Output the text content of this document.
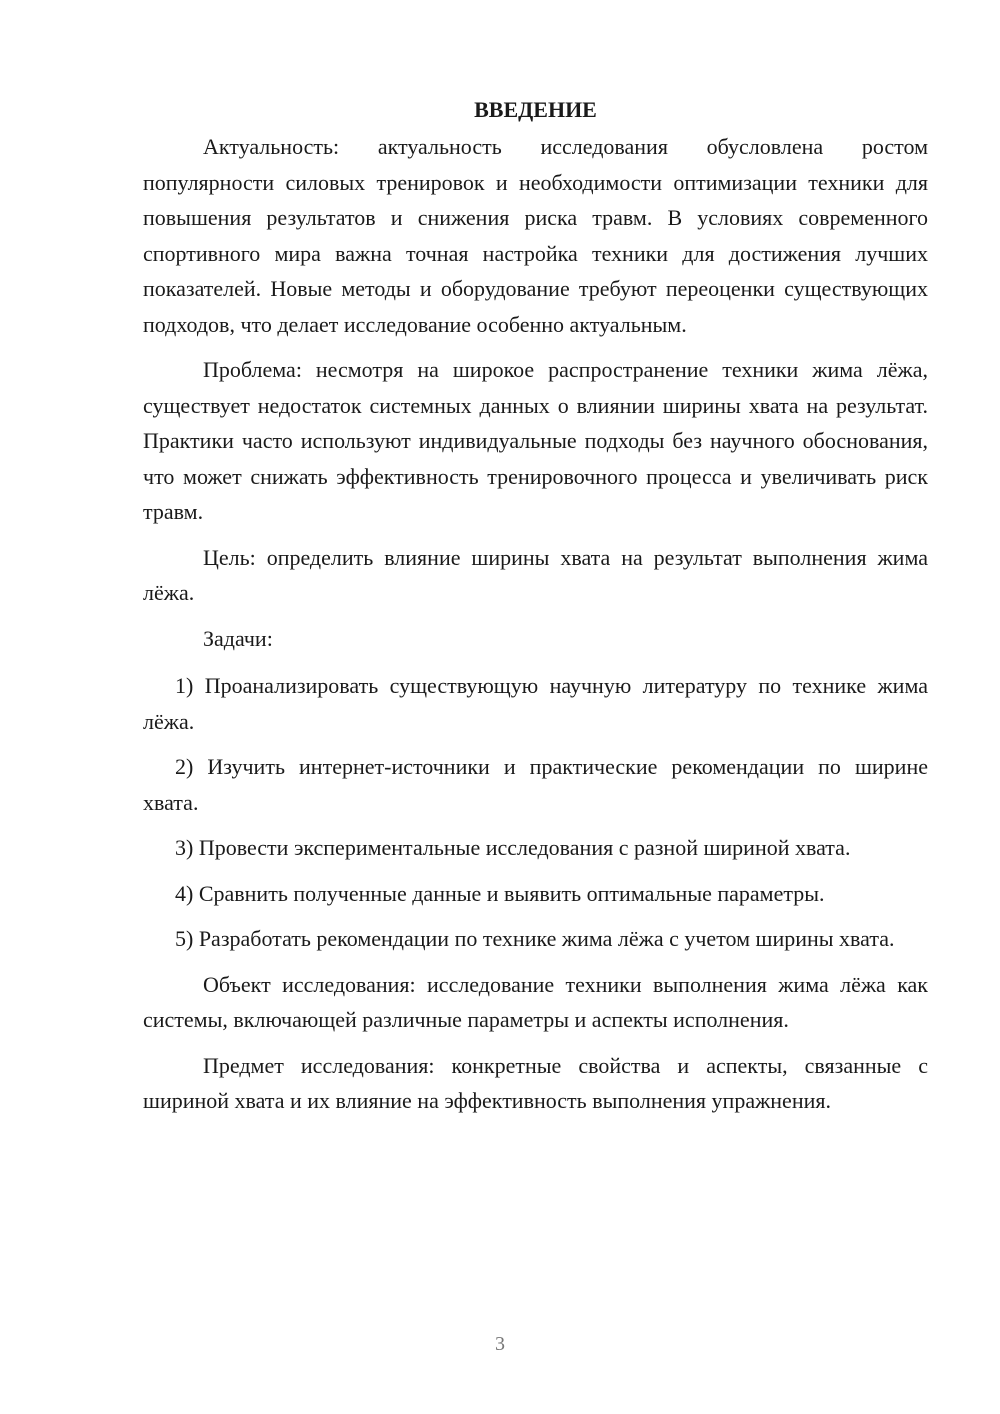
ВВЕДЕНИЕ

Актуальность: актуальность исследования обусловлена ростом популярности силовых тренировок и необходимости оптимизации техники для повышения результатов и снижения риска травм. В условиях современного спортивного мира важна точная настройка техники для достижения лучших показателей. Новые методы и оборудование требуют переоценки существующих подходов, что делает исследование особенно актуальным.

Проблема: несмотря на широкое распространение техники жима лёжа, существует недостаток системных данных о влиянии ширины хвата на результат. Практики часто используют индивидуальные подходы без научного обоснования, что может снижать эффективность тренировочного процесса и увеличивать риск травм.

Цель: определить влияние ширины хвата на результат выполнения жима лёжа.

Задачи:

1) Проанализировать существующую научную литературу по технике жима лёжа.

2) Изучить интернет-источники и практические рекомендации по ширине хвата.

3) Провести экспериментальные исследования с разной шириной хвата.

4) Сравнить полученные данные и выявить оптимальные параметры.

5) Разработать рекомендации по технике жима лёжа с учетом ширины хвата.

Объект исследования: исследование техники выполнения жима лёжа как системы, включающей различные параметры и аспекты исполнения.

Предмет исследования: конкретные свойства и аспекты, связанные с шириной хвата и их влияние на эффективность выполнения упражнения.

3
